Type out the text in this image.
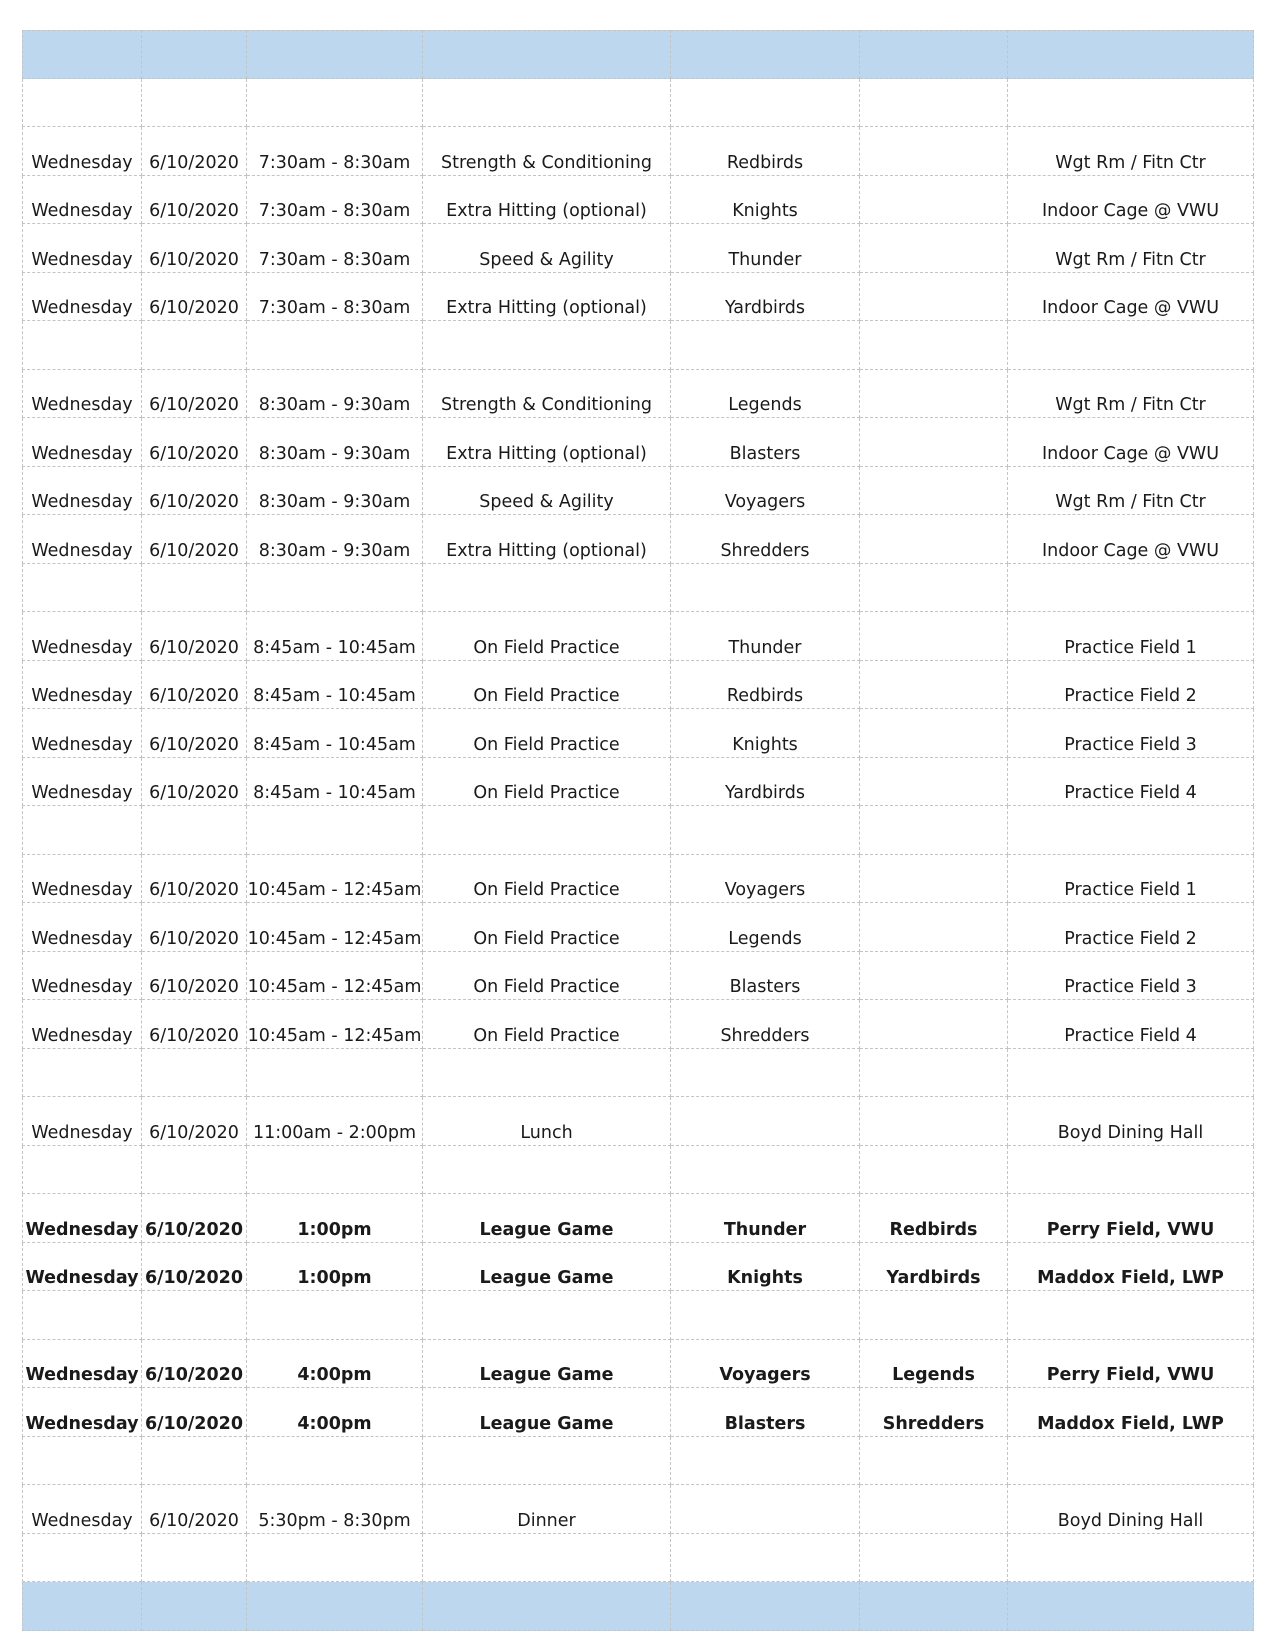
Wednesday 6/10/2020	7:30am - 8:30am	Strength & Conditioning	Redbirds	Wgt Rm / Fitn Ctr
Wednesday 6/10/2020	7:30am - 8:30am	Extra Hitting (optional)	Knights	Indoor Cage @ VWU
Wednesday 6/10/2020	7:30am - 8:30am	Speed & Agility	Thunder	Wgt Rm / Fitn Ctr
Wednesday 6/10/2020	7:30am - 8:30am	Extra Hitting (optional)	Yardbirds	Indoor Cage @ VWU
Wednesday 6/10/2020	8:30am - 9:30am	Strength & Conditioning	Legends	Wgt Rm / Fitn Ctr
Wednesday 6/10/2020	8:30am - 9:30am	Extra Hitting (optional)	Blasters	Indoor Cage @ VWU
Wednesday 6/10/2020	8:30am - 9:30am	Speed & Agility	Voyagers	Wgt Rm / Fitn Ctr
Wednesday 6/10/2020	8:30am - 9:30am	Extra Hitting (optional)	Shredders	Indoor Cage @ VWU
Wednesday 6/10/2020 8:45am - 10:45am	On Field Practice	Thunder	Practice Field 1
Wednesday 6/10/2020 8:45am - 10:45am	On Field Practice	Redbirds	Practice Field 2
Wednesday 6/10/2020 8:45am - 10:45am	On Field Practice	Knights	Practice Field 3
Wednesday 6/10/2020 8:45am - 10:45am	On Field Practice	Yardbirds	Practice Field 4
Wednesday 6/10/2020 10:45am - 12:45am	On Field Practice	Voyagers	Practice Field 1
Wednesday 6/10/2020 10:45am - 12:45am	On Field Practice	Legends	Practice Field 2
Wednesday 6/10/2020 10:45am - 12:45am	On Field Practice	Blasters	Practice Field 3
Wednesday 6/10/2020 10:45am - 12:45am	On Field Practice	Shredders	Practice Field 4
Wednesday 6/10/2020 11:00am - 2:00pm	Lunch	Boyd Dining Hall
Wednesday 6/10/2020	1:00pm	League Game	Thunder	Redbirds	Perry Field, VWU
Wednesday 6/10/2020	1:00pm	League Game	Knights	Yardbirds	Maddox Field, LWP
Wednesday 6/10/2020	4:00pm	League Game	Voyagers	Legends	Perry Field, VWU
Wednesday 6/10/2020	4:00pm	League Game	Blasters	Shredders	Maddox Field, LWP
Wednesday 6/10/2020	5:30pm - 8:30pm	Dinner	Boyd Dining Hall
